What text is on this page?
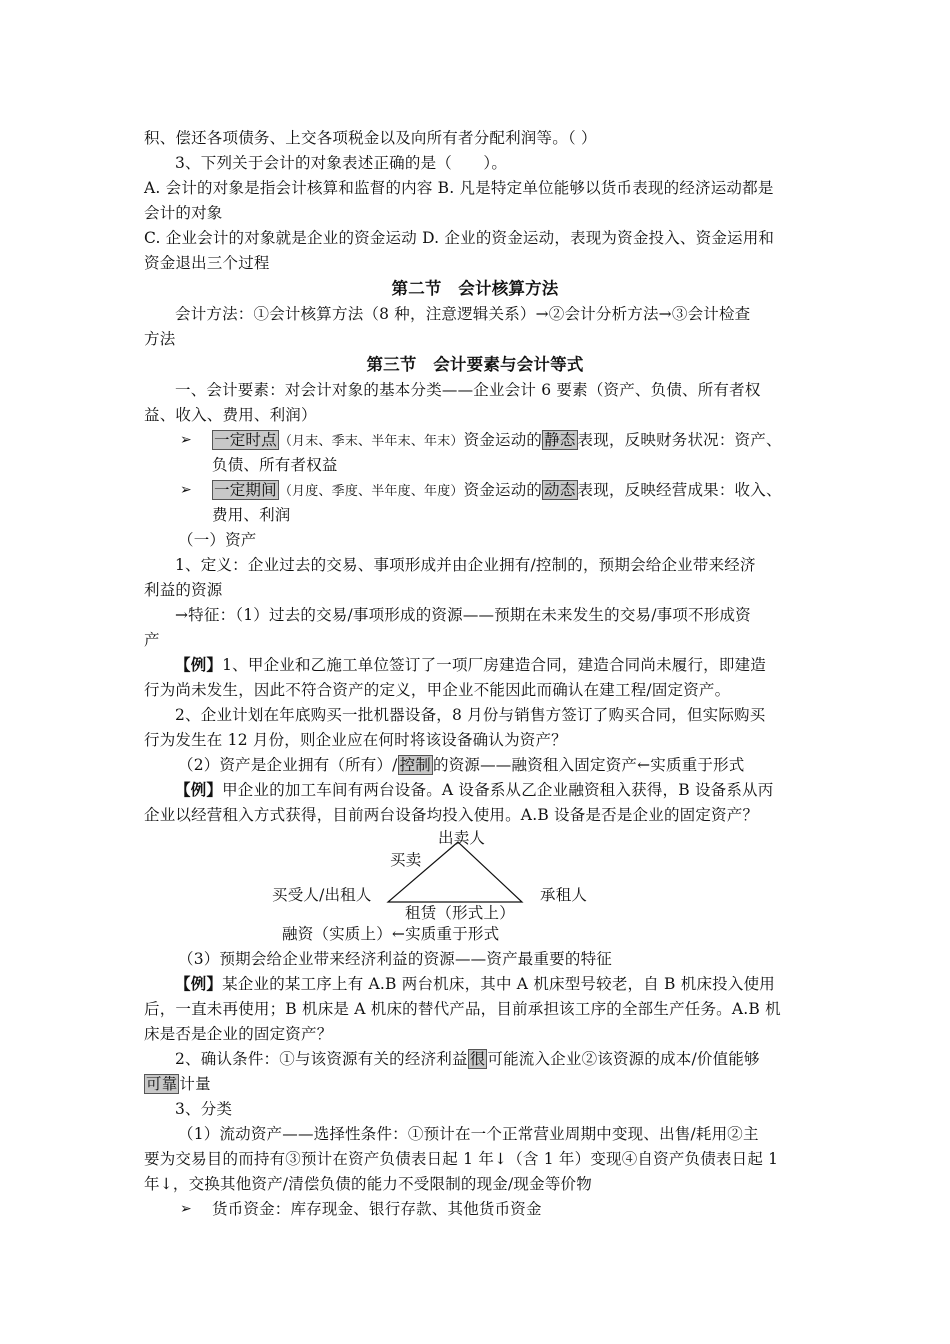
积、偿还各项债务、上交各项税金以及向所有者分配利润等。（ ）
3、下列关于会计的对象表述正确的是（　　）。
A. 会计的对象是指会计核算和监督的内容 B. 凡是特定单位能够以货币表现的经济运动都是
会计的对象
C. 企业会计的对象就是企业的资金运动 D. 企业的资金运动，表现为资金投入、资金运用和
资金退出三个过程
第二节　会计核算方法
会计方法：①会计核算方法（8 种，注意逻辑关系）→②会计分析方法→③会计检查
方法
第三节　会计要素与会计等式
一、会计要素：对会计对象的基本分类——企业会计 6 要素（资产、负债、所有者权
益、收入、费用、利润）
➢ 一定时点 （月末、季末、半年末、年末）资金运动的 静态 表现，反映财务状况：资产、
负债、所有者权益
➢ 一定期间 （月度、季度、半年度、年度）资金运动的 动态 表现，反映经营成果：收入、
费用、利润
（一）资产
1、定义：企业过去的交易、事项形成并由企业拥有/控制的，预期会给企业带来经济
利益的资源
→特征：（1）过去的交易/事项形成的资源——预期在未来发生的交易/事项不形成资
产
【例】1、甲企业和乙施工单位签订了一项厂房建造合同，建造合同尚未履行，即建造
行为尚未发生，因此不符合资产的定义，甲企业不能因此而确认在建工程/固定资产。
2、企业计划在年底购买一批机器设备，8 月份与销售方签订了购买合同，但实际购买
行为发生在 12 月份，则企业应在何时将该设备确认为资产？
（2）资产是企业拥有（所有）/ 控制 的资源——融资租入固定资产←实质重于形式
【例】甲企业的加工车间有两台设备。A 设备系从乙企业融资租入获得，B 设备系从丙
企业以经营租入方式获得，目前两台设备均投入使用。A.B 设备是否是企业的固定资产？
出卖人
买卖
买受人/出租人	承租人
租赁（形式上）
融资（实质上）←实质重于形式
（3）预期会给企业带来经济利益的资源——资产最重要的特征
【例】某企业的某工序上有 A.B 两台机床，其中 A 机床型号较老，自 B 机床投入使用
后，一直未再使用；B 机床是 A 机床的替代产品，目前承担该工序的全部生产任务。A.B 机
床是否是企业的固定资产？
2、确认条件：①与该资源有关的经济利益 很 可能流入企业②该资源的成本/价值能够
可靠 计量
3、分类
（1）流动资产——选择性条件：①预计在一个正常营业周期中变现、出售/耗用②主
要为交易目的而持有③预计在资产负债表日起 1 年↓（含 1 年）变现④自资产负债表日起 1
年↓，交换其他资产/清偿负债的能力不受限制的现金/现金等价物
➢ 货币资金：库存现金、银行存款、其他货币资金
